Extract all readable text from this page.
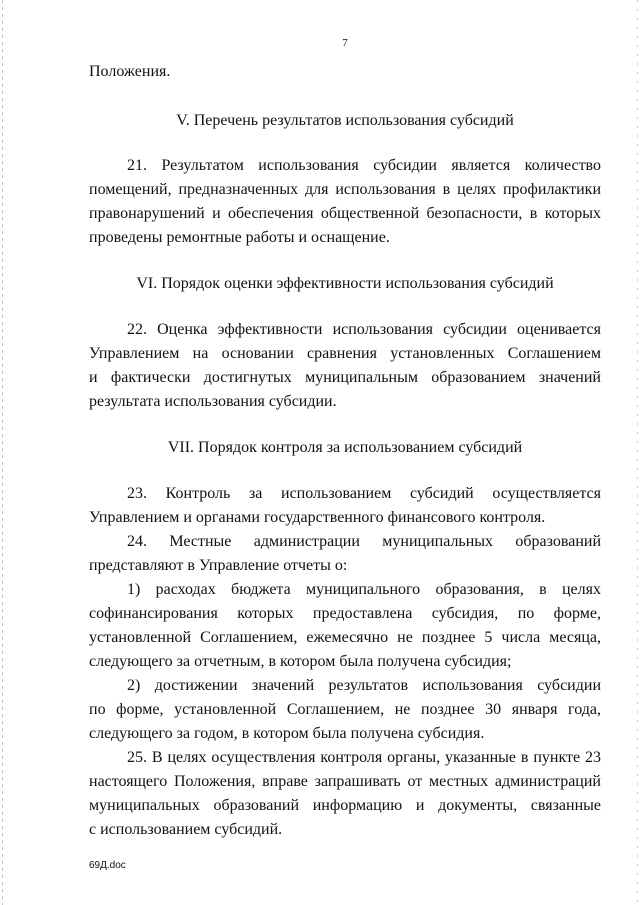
7
Положения.
V. Перечень результатов использования субсидий
21. Результатом использования субсидии является количество
помещений, предназначенных для использования в целях профилактики
правонарушений и обеспечения общественной безопасности, в которых
проведены ремонтные работы и оснащение.
VI. Порядок оценки эффективности использования субсидий
22. Оценка эффективности использования субсидии оценивается
Управлением на основании сравнения установленных Соглашением
и фактически достигнутых муниципальным образованием значений
результата использования субсидии.
VII. Порядок контроля за использованием субсидий
23. Контроль за использованием субсидий осуществляется
Управлением и органами государственного финансового контроля.
24. Местные администрации муниципальных образований
представляют в Управление отчеты о:
1) расходах бюджета муниципального образования, в целях
софинансирования которых предоставлена субсидия, по форме,
установленной Соглашением, ежемесячно не позднее 5 числа месяца,
следующего за отчетным, в котором была получена субсидия;
2) достижении значений результатов использования субсидии
по форме, установленной Соглашением, не позднее 30 января года,
следующего за годом, в котором была получена субсидия.
25. В целях осуществления контроля органы, указанные в пункте 23
настоящего Положения, вправе запрашивать от местных администраций
муниципальных образований информацию и документы, связанные
с использованием субсидий.
69Д.doc
